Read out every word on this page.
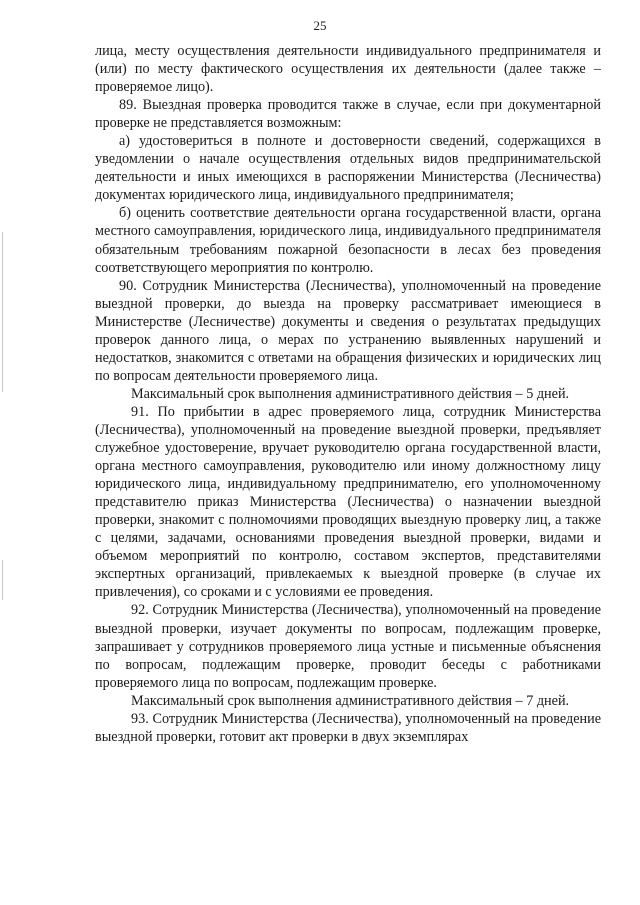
25

лица, месту осуществления деятельности индивидуального предпринимателя и (или) по месту фактического осуществления их деятельности (далее также – проверяемое лицо).

89. Выездная проверка проводится также в случае, если при документарной проверке не представляется возможным:

а) удостовериться в полноте и достоверности сведений, содержащихся в уведомлении о начале осуществления отдельных видов предпринимательской деятельности и иных имеющихся в распоряжении Министерства (Лесничества) документах юридического лица, индивидуального предпринимателя;

б) оценить соответствие деятельности органа государственной власти, органа местного самоуправления, юридического лица, индивидуального предпринимателя обязательным требованиям пожарной безопасности в лесах без проведения соответствующего мероприятия по контролю.

90. Сотрудник Министерства (Лесничества), уполномоченный на проведение выездной проверки, до выезда на проверку рассматривает имеющиеся в Министерстве (Лесничестве) документы и сведения о результатах предыдущих проверок данного лица, о мерах по устранению выявленных нарушений и недостатков, знакомится с ответами на обращения физических и юридических лиц по вопросам деятельности проверяемого лица.

Максимальный срок выполнения административного действия – 5 дней.

91. По прибытии в адрес проверяемого лица, сотрудник Министерства (Лесничества), уполномоченный на проведение выездной проверки, предъявляет служебное удостоверение, вручает руководителю органа государственной власти, органа местного самоуправления, руководителю или иному должностному лицу юридического лица, индивидуальному предпринимателю, его уполномоченному представителю приказ Министерства (Лесничества) о назначении выездной проверки, знакомит с полномочиями проводящих выездную проверку лиц, а также с целями, задачами, основаниями проведения выездной проверки, видами и объемом мероприятий по контролю, составом экспертов, представителями экспертных организаций, привлекаемых к выездной проверке (в случае их привлечения), со сроками и с условиями ее проведения.

92. Сотрудник Министерства (Лесничества), уполномоченный на проведение выездной проверки, изучает документы по вопросам, подлежащим проверке, запрашивает у сотрудников проверяемого лица устные и письменные объяснения по вопросам, подлежащим проверке, проводит беседы с работниками проверяемого лица по вопросам, подлежащим проверке.

Максимальный срок выполнения административного действия – 7 дней.

93. Сотрудник Министерства (Лесничества), уполномоченный на проведение выездной проверки, готовит акт проверки в двух экземплярах
